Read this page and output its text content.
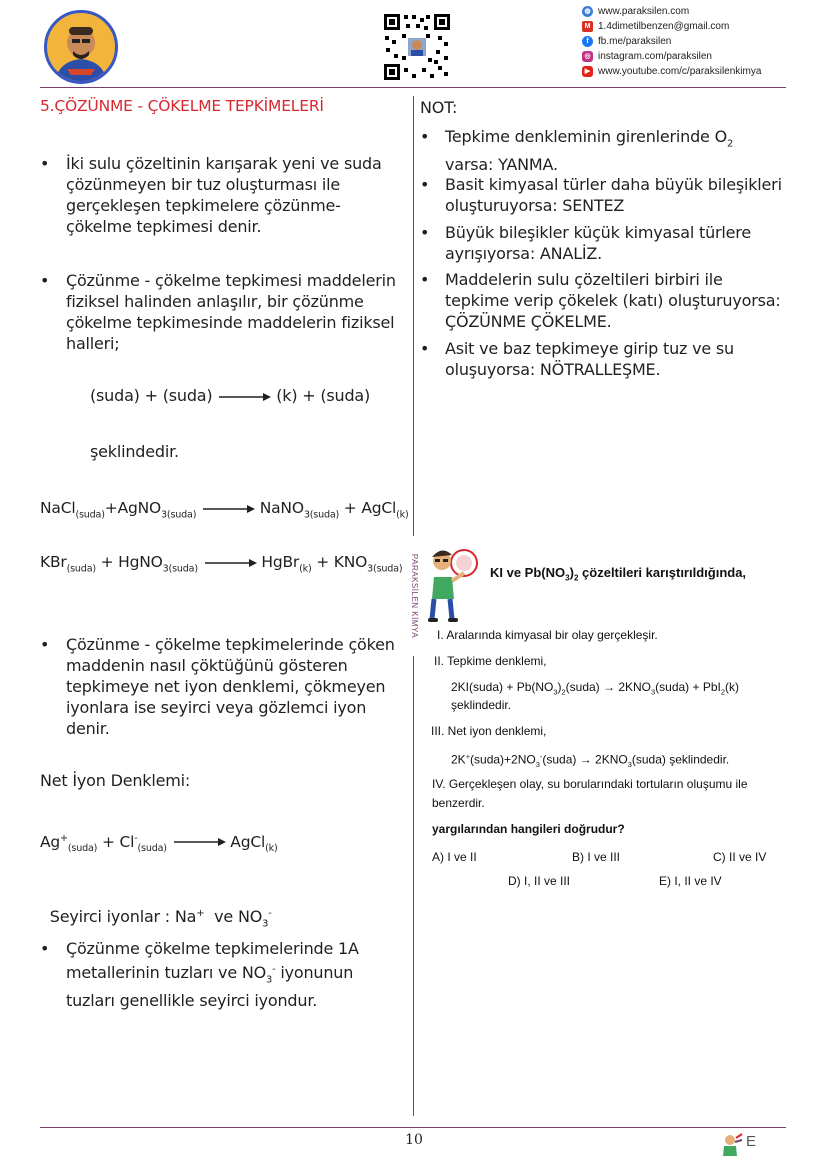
◍ www.paraksilen.com
M 1.4dimetilbenzen@gmail.com
f fb.me/paraksilen
◎ instagram.com/paraksilen
▶ www.youtube.com/c/paraksilenkimya
PARAKSİLEN KİMYA
5.ÇÖZÜNME - ÇÖKELME TEPKİMELERİ
• İki sulu çözeltinin karışarak yeni ve suda çözünmeyen bir tuz oluşturması ile gerçekleşen tepkimelere çözünme- çökelme tepkimesi denir.
• Çözünme - çökelme tepkimesi maddelerin fiziksel halinden anlaşılır, bir çözünme çökelme tepkimesinde maddelerin fiziksel halleri;
(suda) + (suda) → (k) + (suda)
şeklindedir.
NaCl$_{(suda)}$+AgNO$_{3(suda)}$ → NaNO$_{3(suda)}$ + AgCl$_{(k)}$
KBr$_{(suda)}$ + HgNO$_{3(suda)}$ → HgBr$_{(k)}$ + $KNO_{3(suda)}$
• Çözünme - çökelme tepkimelerinde çöken maddenin nasıl çöktüğünü gösteren tepkimeye net iyon denklemi, çökmeyen iyonlara ise seyirci veya gözlemci iyon denir.
Net İyon Denklemi:
$Ag^+_{(suda)} + Cl^-_{(suda)}$ → AgCl$_{(k)}$

Seyirci iyonlar : Na+  ve $NO_3^-$

• Çözünme çökelme tepkimelerinde 1A metallerinin tuzları ve $NO_3^-$ iyonunun tuzları genellikle seyirci iyondur.
NOT:
• Tepkime denkleminin girenlerinde $O_2$ varsa: YANMA.
• Basit kimyasal türler daha büyük bileşikleri oluşturuyorsa: SENTEZ
• Büyük bileşikler küçük kimyasal türlere ayrışıyorsa: ANALİZ.
• Maddelerin sulu çözeltileri birbiri ile tepkime verip çökelek (katı) oluşturuyorsa: ÇÖZÜNME ÇÖKELME.
• Asit ve baz tepkimeye girip tuz ve su oluşuyorsa: NÖTRALLEŞME.
KI ve $Pb(NO_3)_2$ çözeltileri karıştırıldığında,
I. Aralarında kimyasal bir olay gerçekleşir.
II. Tepkime denklemi,
2KI(suda) + $Pb(NO_3)_2(suda)$ → $2KNO_3(suda) + PbI_2(k)$
şeklindedir.
III. Net iyon denklemi,
$2K^+(suda)+2NO_3^-(suda)$ → $2KNO_3(suda)$ şeklindedir.
IV. Gerçekleşen olay, su borularındaki tortuların oluşumu ile benzerdir.
yargılarından hangileri doğrudur?
A) I ve II	B) I ve III	C) II ve IV
D) I, II ve III	E) I, II ve IV
10	E
